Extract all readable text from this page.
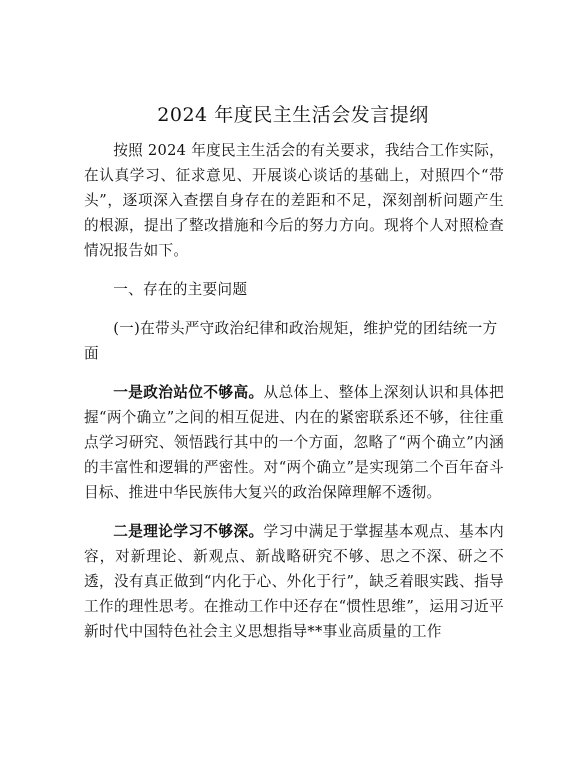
2024 年度民主生活会发言提纲

按照 2024 年度民主生活会的有关要求，我结合工作实际，在认真学习、征求意见、开展谈心谈话的基础上，对照四个“带头”，逐项深入查摆自身存在的差距和不足，深刻剖析问题产生的根源，提出了整改措施和今后的努力方向。现将个人对照检查情况报告如下。

一、存在的主要问题

(一)在带头严守政治纪律和政治规矩，维护党的团结统一方面

一是政治站位不够高。从总体上、整体上深刻认识和具体把握“两个确立”之间的相互促进、内在的紧密联系还不够，往往重点学习研究、领悟践行其中的一个方面，忽略了“两个确立”内涵的丰富性和逻辑的严密性。对“两个确立”是实现第二个百年奋斗目标、推进中华民族伟大复兴的政治保障理解不透彻。

二是理论学习不够深。学习中满足于掌握基本观点、基本内容，对新理论、新观点、新战略研究不够、思之不深、研之不透，没有真正做到“内化于心、外化于行”，缺乏着眼实践、指导工作的理性思考。在推动工作中还存在“惯性思维”，运用习近平新时代中国特色社会主义思想指导**事业高质量的工作
